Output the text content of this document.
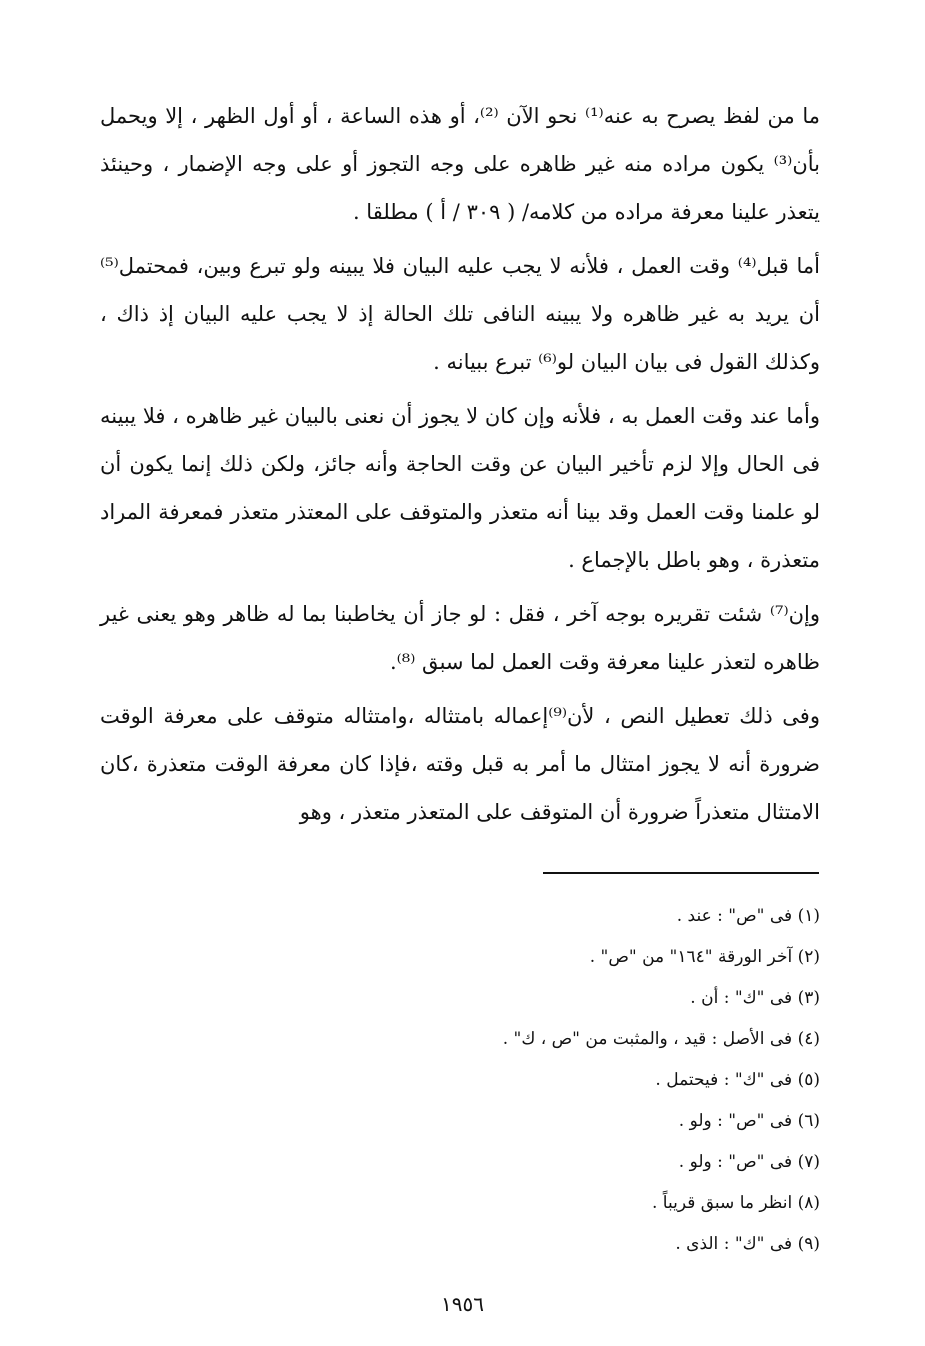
ما من لفظ يصرح به عنه⁽¹⁾ نحو الآن ⁽²⁾، أو هذه الساعة ، أو أول الظهر ، إلا ويحمل بأن⁽³⁾ يكون مراده منه غير ظاهره على وجه التجوز أو على وجه الإضمار ، وحينئذ يتعذر علينا معرفة مراده من كلامه/ ( ٣٠٩ / أ ) مطلقا .

أما قبل⁽⁴⁾ وقت العمل ، فلأنه لا يجب عليه البيان فلا يبينه ولو تبرع وبين، فمحتمل⁽⁵⁾ أن يريد به غير ظاهره ولا يبينه النافى تلك الحالة إذ لا يجب عليه البيان إذ ذاك ، وكذلك القول فى بيان البيان لو⁽⁶⁾ تبرع ببيانه .

وأما عند وقت العمل به ، فلأنه وإن كان لا يجوز أن نعنى بالبيان غير ظاهره ، فلا يبينه فى الحال وإلا لزم تأخير البيان عن وقت الحاجة وأنه جائز، ولكن ذلك إنما يكون أن لو علمنا وقت العمل وقد بينا أنه متعذر والمتوقف على المعتذر متعذر فمعرفة المراد متعذرة ، وهو باطل بالإجماع .

وإن⁽⁷⁾ شئت تقريره بوجه آخر ، فقل : لو جاز أن يخاطبنا بما له ظاهر وهو يعنى غير ظاهره لتعذر علينا معرفة وقت العمل لما سبق ⁽⁸⁾.

وفى ذلك تعطيل النص ، لأن⁽⁹⁾إعماله بامتثاله ،وامتثاله متوقف على معرفة الوقت ضرورة أنه لا يجوز امتثال ما أمر به قبل وقته ،فإذا كان معرفة الوقت متعذرة ،كان الامتثال متعذراً ضرورة أن المتوقف على المتعذر متعذر ، وهو

(١) فى "ص" : عند .
(٢) آخر الورقة "١٦٤" من "ص" .
(٣) فى "ك" : أن .
(٤) فى الأصل : قيد ، والمثبت من "ص ، ك" .
(٥) فى "ك" : فيحتمل .
(٦) فى "ص" : ولو .
(٧) فى "ص" : ولو .
(٨) انظر ما سبق قريباً .
(٩) فى "ك" : الذى .
١٩٥٦
